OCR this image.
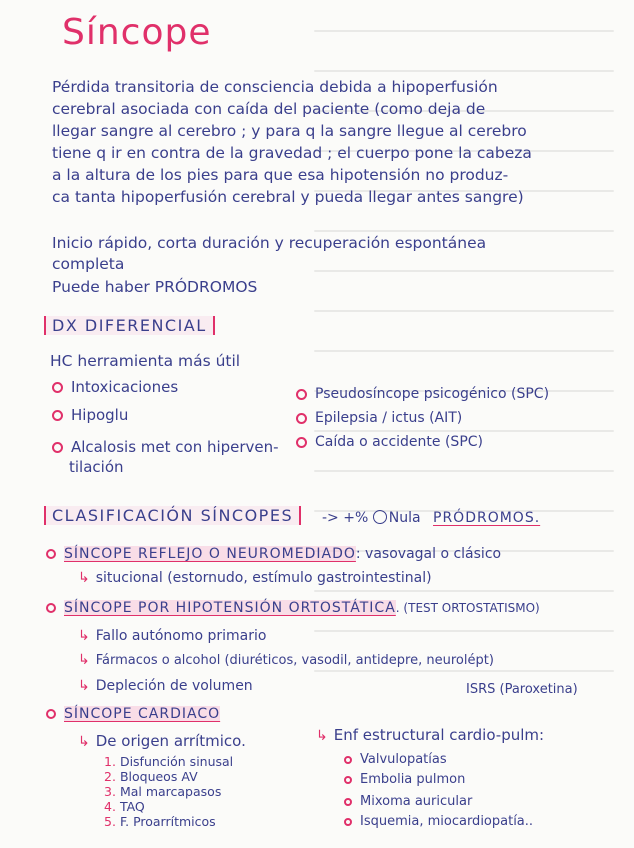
Síncope
Pérdida transitoria de consciencia debida a hipoperfusión
cerebral asociada con caída del paciente (como deja de
llegar sangre al cerebro ; y para q la sangre llegue al cerebro
tiene q ir en contra de la gravedad ; el cuerpo pone la cabeza
a la altura de los pies para que esa hipotensión no produz-
ca tanta hipoperfusión cerebral y pueda llegar antes sangre)
Inicio rápido, corta duración y recuperación espontánea
completa
Puede haber PRÓDROMOS
DX DIFERENCIAL
HC herramienta más útil
Intoxicaciones
Hipoglu
Alcalosis met con hiperven-
tilación
Pseudosíncope psicogénico (SPC)
Epilepsia / ictus (AIT)
Caída o accidente (SPC)
CLASIFICACIÓN SÍNCOPES	-> +% Nula PRÓDROMOS.
SÍNCOPE REFLEJO O NEUROMEDIADO: vasovagal o clásico
↳ situcional (estornudo, estímulo gastrointestinal)
SÍNCOPE POR HIPOTENSIÓN ORTOSTÁTICA. (TEST ORTOSTATISMO)
↳ Fallo autónomo primario
↳ Fármacos o alcohol (diuréticos, vasodil, antidepre, neurolépt)
↳ Depleción de volumen	ISRS (Paroxetina)
SÍNCOPE CARDIACO
↳ De origen arrítmico.
1. Disfunción sinusal
2. Bloqueos AV
3. Mal marcapasos
4. TAQ
5. F. Proarrítmicos
↳ Enf estructural cardio-pulm:
Valvulopatías
Embolia pulmon
Mixoma auricular
Isquemia, miocardiopatía..
